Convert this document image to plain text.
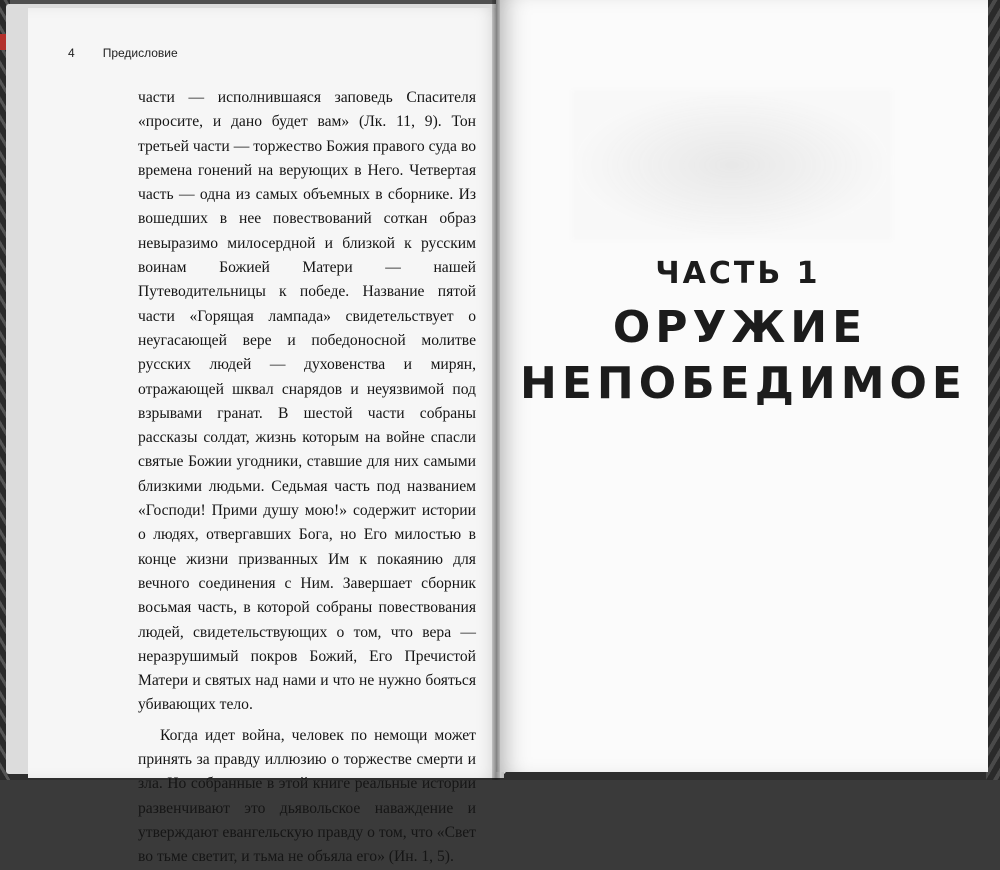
4 Предисловие

части — исполнившаяся заповедь Спасителя «просите, и дано будет вам» (Лк. 11, 9). Тон третьей части — торжество Божия правого суда во времена гонений на верующих в Него. Четвертая часть — одна из самых объемных в сборнике. Из вошедших в нее повествований соткан образ невыразимо милосердной и близкой к русским воинам Божией Матери — нашей Путеводительницы к победе. Название пятой части «Горящая лампада» свидетельствует о неугасающей вере и победоносной молитве русских людей — духовенства и мирян, отражающей шквал снарядов и неуязвимой под взрывами гранат. В шестой части собраны рассказы солдат, жизнь которым на войне спасли святые Божии угодники, ставшие для них самыми близкими людьми. Седьмая часть под названием «Господи! Прими душу мою!» содержит истории о людях, отвергавших Бога, но Его милостью в конце жизни призванных Им к покаянию для вечного соединения с Ним. Завершает сборник восьмая часть, в которой собраны повествования людей, свидетельствующих о том, что вера — неразрушимый покров Божий, Его Пречистой Матери и святых над нами и что не нужно бояться убивающих тело.

Когда идет война, человек по немощи может принять за правду иллюзию о торжестве смерти и зла. Но собранные в этой книге реальные истории развенчивают это дьявольское наваждение и утверждают евангельскую правду о том, что «Свет во тьме светит, и тьма не объяла его» (Ин. 1, 5).

ЧАСТЬ 1
ОРУЖИЕ
НЕПОБЕДИМОЕ
